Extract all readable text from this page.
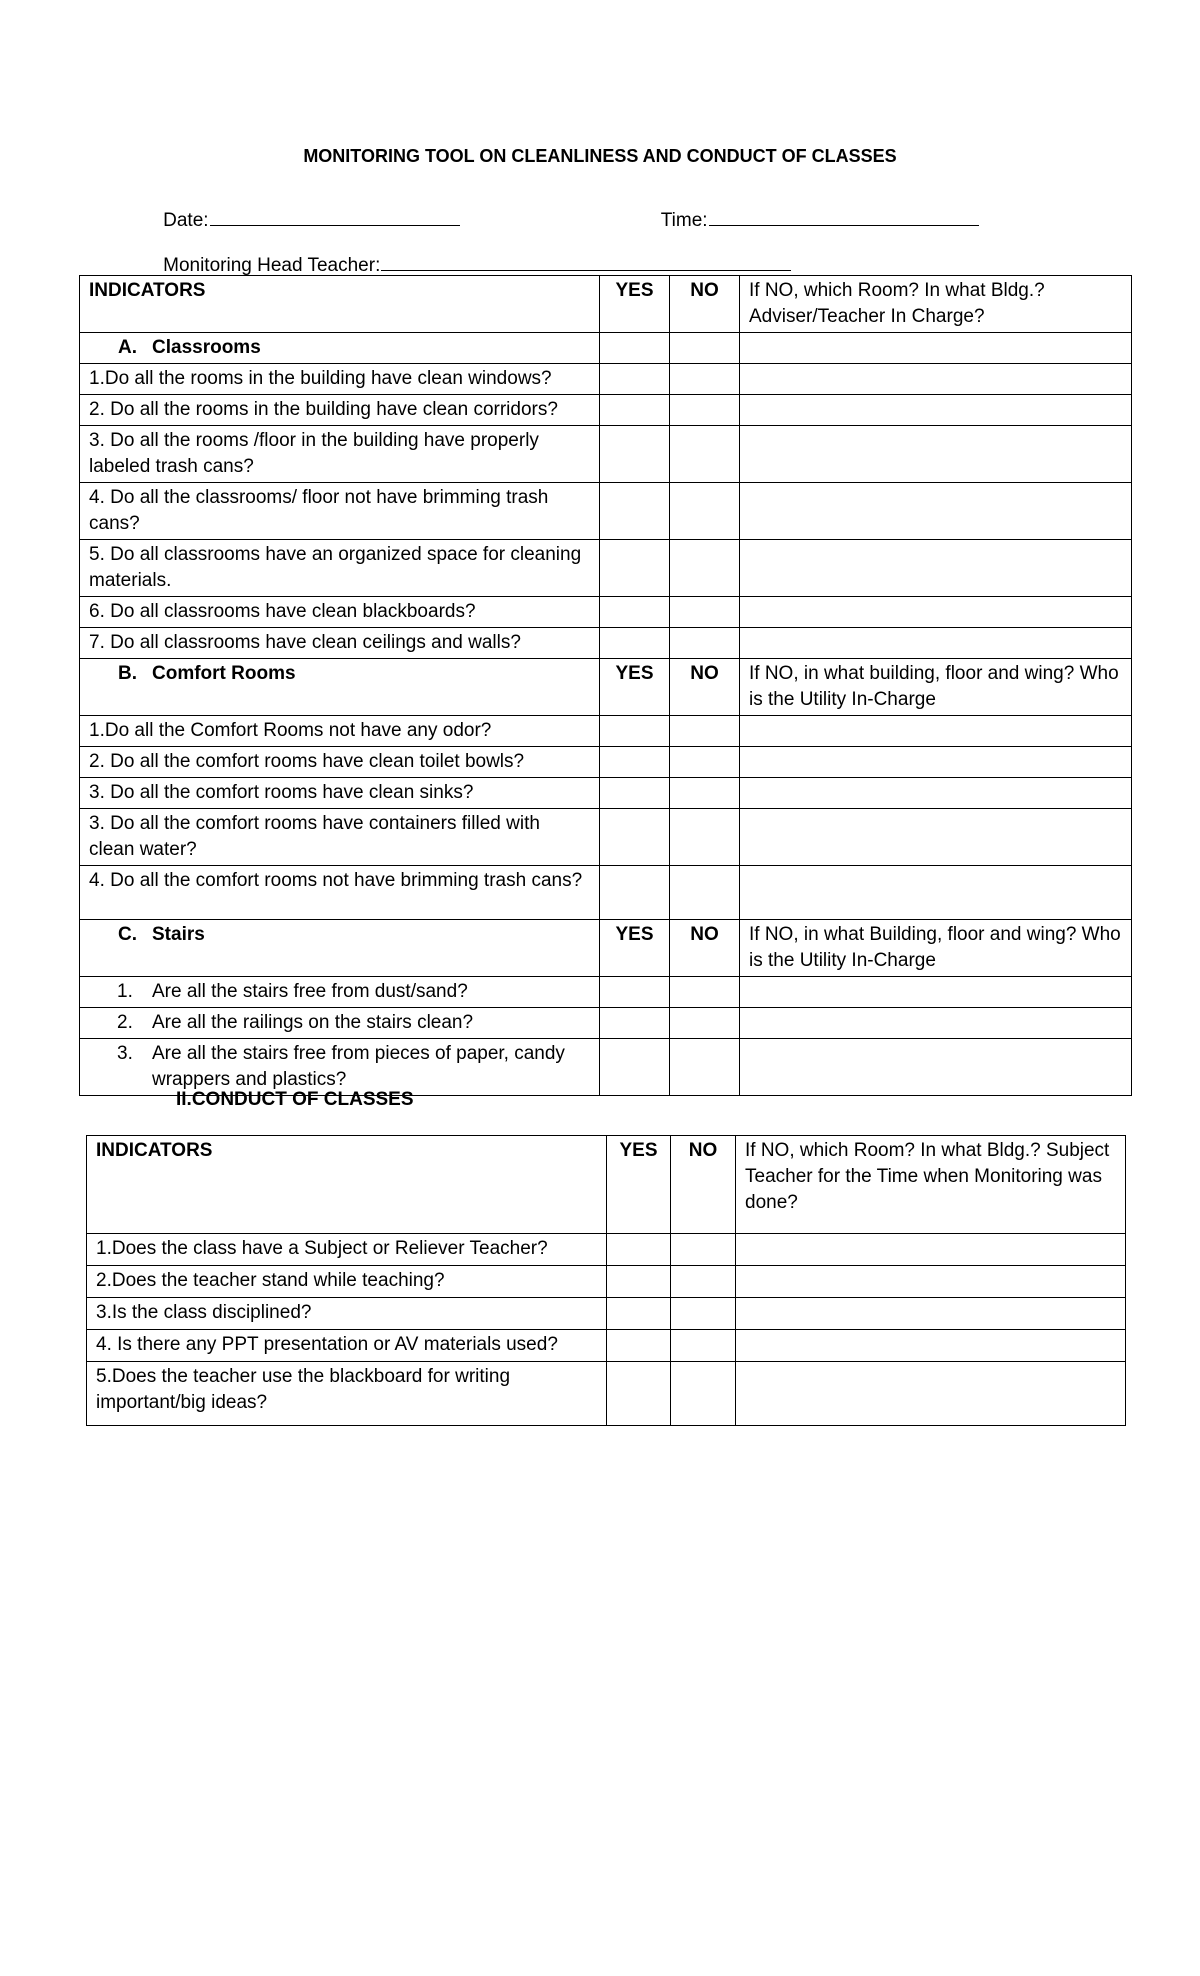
MONITORING TOOL ON CLEANLINESS AND CONDUCT OF CLASSES

Date:
	Time:

Monitoring Head Teacher:

INDICATORS	YES	NO	If NO, which Room? In what Bldg.? Adviser/Teacher In Charge?
A. Classrooms			
1.Do all the rooms in the building have clean windows?			
2. Do all the rooms in the building have clean corridors?			
3. Do all the rooms /floor in the building have properly labeled trash cans?			
4. Do all the classrooms/ floor not have brimming trash cans?			
5. Do all classrooms have an organized space for cleaning materials.			
6. Do all classrooms have clean blackboards?			
7. Do all classrooms have clean ceilings and walls?			
B. Comfort Rooms	YES	NO	If NO, in what building, floor and wing? Who is the Utility In-Charge
1.Do all the Comfort Rooms not have any odor?			
2. Do all the comfort rooms have clean toilet bowls?			
3. Do all the comfort rooms have clean sinks?			
3. Do all the comfort rooms have containers filled with clean water?			
4. Do all the comfort rooms not have brimming trash cans?			
C. Stairs	YES	NO	If NO, in what Building, floor and wing? Who is the Utility In-Charge

1. Are all the stairs free from dust/sand?			

2. Are all the railings on the stairs clean?			

3. Are all the stairs free from pieces of paper, candy wrappers and plastics?			

II.CONDUCT OF CLASSES
INDICATORS	YES	NO	If NO, which Room? In what Bldg.? Subject Teacher for the Time when Monitoring was done?
1.Does the class have a Subject or Reliever Teacher?			
2.Does the teacher stand while teaching?			
3.Is the class disciplined?			
4. Is there any PPT presentation or AV materials used?			
5.Does the teacher use the blackboard for writing important/big ideas?			
